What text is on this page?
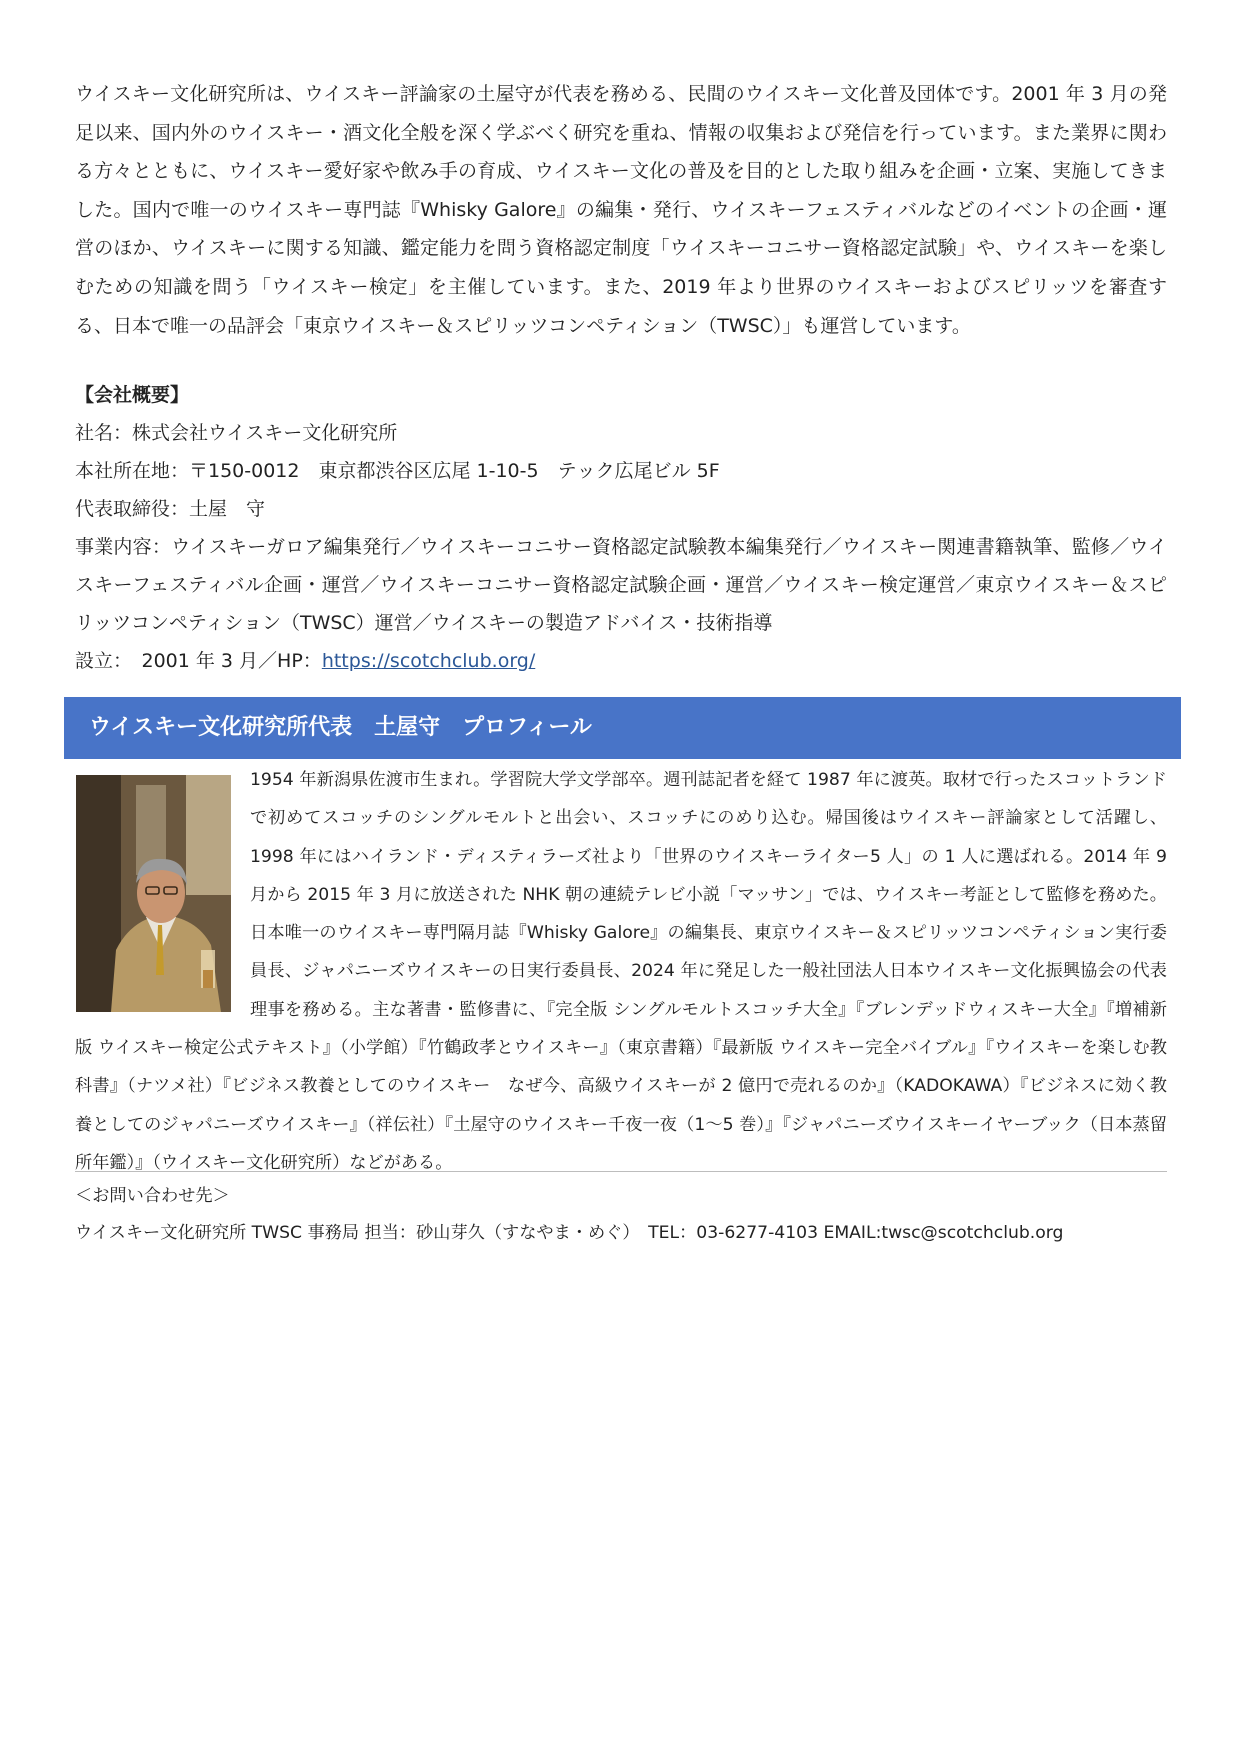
ウイスキー文化研究所は、ウイスキー評論家の土屋守が代表を務める、民間のウイスキー文化普及団体です。2001 年 3 月の発足以来、国内外のウイスキー・酒文化全般を深く学ぶべく研究を重ね、情報の収集および発信を行っています。また業界に関わる方々とともに、ウイスキー愛好家や飲み手の育成、ウイスキー文化の普及を目的とした取り組みを企画・立案、実施してきました。国内で唯一のウイスキー専門誌『Whisky Galore』の編集・発行、ウイスキーフェスティバルなどのイベントの企画・運営のほか、ウイスキーに関する知識、鑑定能力を問う資格認定制度「ウイスキーコニサー資格認定試験」や、ウイスキーを楽しむための知識を問う「ウイスキー検定」を主催しています。また、2019 年より世界のウイスキーおよびスピリッツを審査する、日本で唯一の品評会「東京ウイスキー＆スピリッツコンペティション（TWSC）」も運営しています。

【会社概要】

社名：株式会社ウイスキー文化研究所

本社所在地：〒150-0012　東京都渋谷区広尾 1-10-5　テック広尾ビル 5F

代表取締役：土屋　守

事業内容：ウイスキーガロア編集発行／ウイスキーコニサー資格認定試験教本編集発行／ウイスキー関連書籍執筆、監修／ウイスキーフェスティバル企画・運営／ウイスキーコニサー資格認定試験企画・運営／ウイスキー検定運営／東京ウイスキー＆スピリッツコンペティション（TWSC）運営／ウイスキーの製造アドバイス・技術指導

設立：　2001 年 3 月／HP：https://scotchclub.org/

ウイスキー文化研究所代表　土屋守　プロフィール
1954 年新潟県佐渡市生まれ。学習院大学文学部卒。週刊誌記者を経て 1987 年に渡英。取材で行ったスコットランドで初めてスコッチのシングルモルトと出会い、スコッチにのめり込む。帰国後はウイスキー評論家として活躍し、1998 年にはハイランド・ディスティラーズ社より「世界のウイスキーライター5 人」の 1 人に選ばれる。2014 年 9 月から 2015 年 3 月に放送された NHK 朝の連続テレビ小説「マッサン」では、ウイスキー考証として監修を務めた。日本唯一のウイスキー専門隔月誌『Whisky Galore』の編集長、東京ウイスキー＆スピリッツコンペティション実行委員長、ジャパニーズウイスキーの日実行委員長、2024 年に発足した一般社団法人日本ウイスキー文化振興協会の代表理事を務める。主な著書・監修書に、『完全版 シングルモルトスコッチ大全』『ブレンデッドウィスキー大全』『増補新版 ウイスキー検定公式テキスト』（小学館）『竹鶴政孝とウイスキー』（東京書籍）『最新版 ウイスキー完全バイブル』『ウイスキーを楽しむ教科書』（ナツメ社）『ビジネス教養としてのウイスキー　なぜ今、高級ウイスキーが 2 億円で売れるのか』（KADOKAWA）『ビジネスに効く教養としてのジャパニーズウイスキー』（祥伝社）『土屋守のウイスキー千夜一夜（1～5 巻）』『ジャパニーズウイスキーイヤーブック（日本蒸留所年鑑）』（ウイスキー文化研究所）などがある。

＜お問い合わせ先＞

ウイスキー文化研究所 TWSC 事務局 担当：砂山芽久（すなやま・めぐ）　TEL：03-6277-4103 EMAIL:twsc@scotchclub.org
